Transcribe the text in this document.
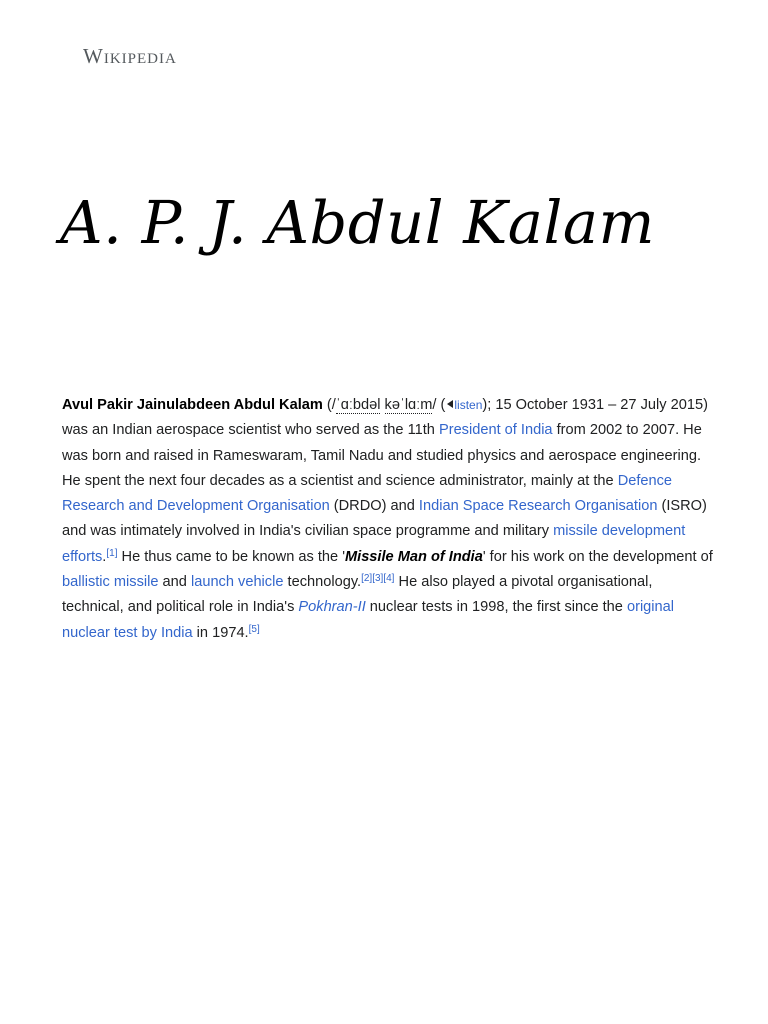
Wikipedia
A. P. J. Abdul Kalam

Avul Pakir Jainulabdeen Abdul Kalam (/ˈɑːbdəl kəˈlɑːm/ ( listen); 15 October 1931 – 27 July 2015) was an Indian aerospace scientist who served as the 11th President of India from 2002 to 2007. He was born and raised in Rameswaram, Tamil Nadu and studied physics and aerospace engineering. He spent the next four decades as a scientist and science administrator, mainly at the Defence Research and Development Organisation (DRDO) and Indian Space Research Organisation (ISRO) and was intimately involved in India's civilian space programme and military missile development efforts.[1] He thus came to be known as the 'Missile Man of India' for his work on the development of ballistic missile and launch vehicle technology.[2][3][4] He also played a pivotal organisational, technical, and political role in India's Pokhran-II nuclear tests in 1998, the first since the original nuclear test by India in 1974.[5]
